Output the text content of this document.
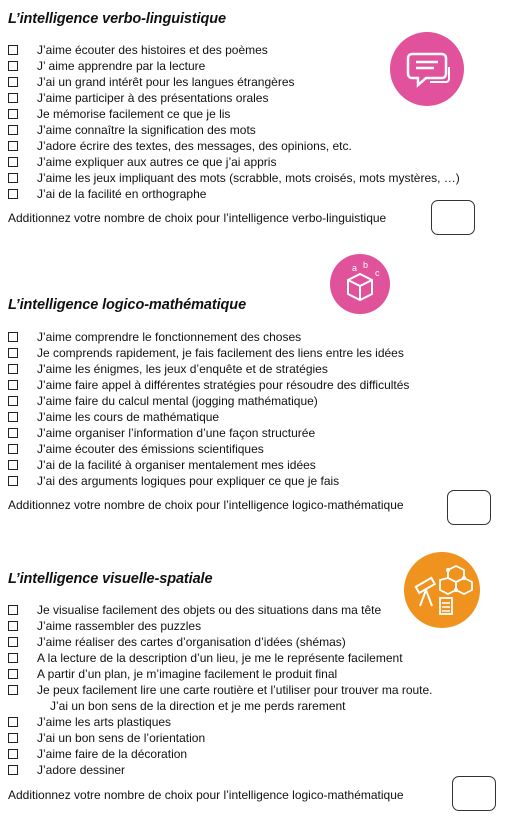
L’intelligence verbo-linguistique
J’aime écouter des histoires et des poèmes
J’ aime apprendre par la lecture
J’ai un grand intérêt pour les langues étrangères
J’aime participer à des présentations orales
Je mémorise facilement ce que je lis
J’aime connaître la signification des mots
J’adore écrire des textes, des messages, des opinions, etc.
J’aime expliquer aux autres ce que j’ai appris
J’aime les jeux impliquant des mots (scrabble, mots croisés, mots mystères, …)
J’ai de la facilité en orthographe
Additionnez votre nombre de choix pour l’intelligence verbo-linguistique
a b
c
L’intelligence logico-mathématique
J’aime comprendre le fonctionnement des choses
Je comprends rapidement, je fais facilement des liens entre les idées
J’aime les énigmes, les jeux d’enquête et de stratégies
J’aime faire appel à différentes stratégies pour résoudre des difficultés
J’aime faire du calcul mental (jogging mathématique)
J’aime les cours de mathématique
J’aime organiser l’information d’une façon structurée
J’aime écouter des émissions scientifiques
J’ai de la facilité à organiser mentalement mes idées
J’ai des arguments logiques pour expliquer ce que je fais
Additionnez votre nombre de choix pour l’intelligence logico-mathématique
L’intelligence visuelle-spatiale
Je visualise facilement des objets ou des situations dans ma tête
J’aime rassembler des puzzles
J’aime réaliser des cartes d’organisation d’idées (shémas)
A la lecture de la description d’un lieu, je me le représente facilement
A partir d’un plan, je m’imagine facilement le produit final
Je peux facilement lire une carte routière et l’utiliser pour trouver ma route.
J’ai un bon sens de la direction et je me perds rarement
J’aime les arts plastiques
J’ai un bon sens de l’orientation
J’aime faire de la décoration
J’adore dessiner
Additionnez votre nombre de choix pour l’intelligence logico-mathématique
